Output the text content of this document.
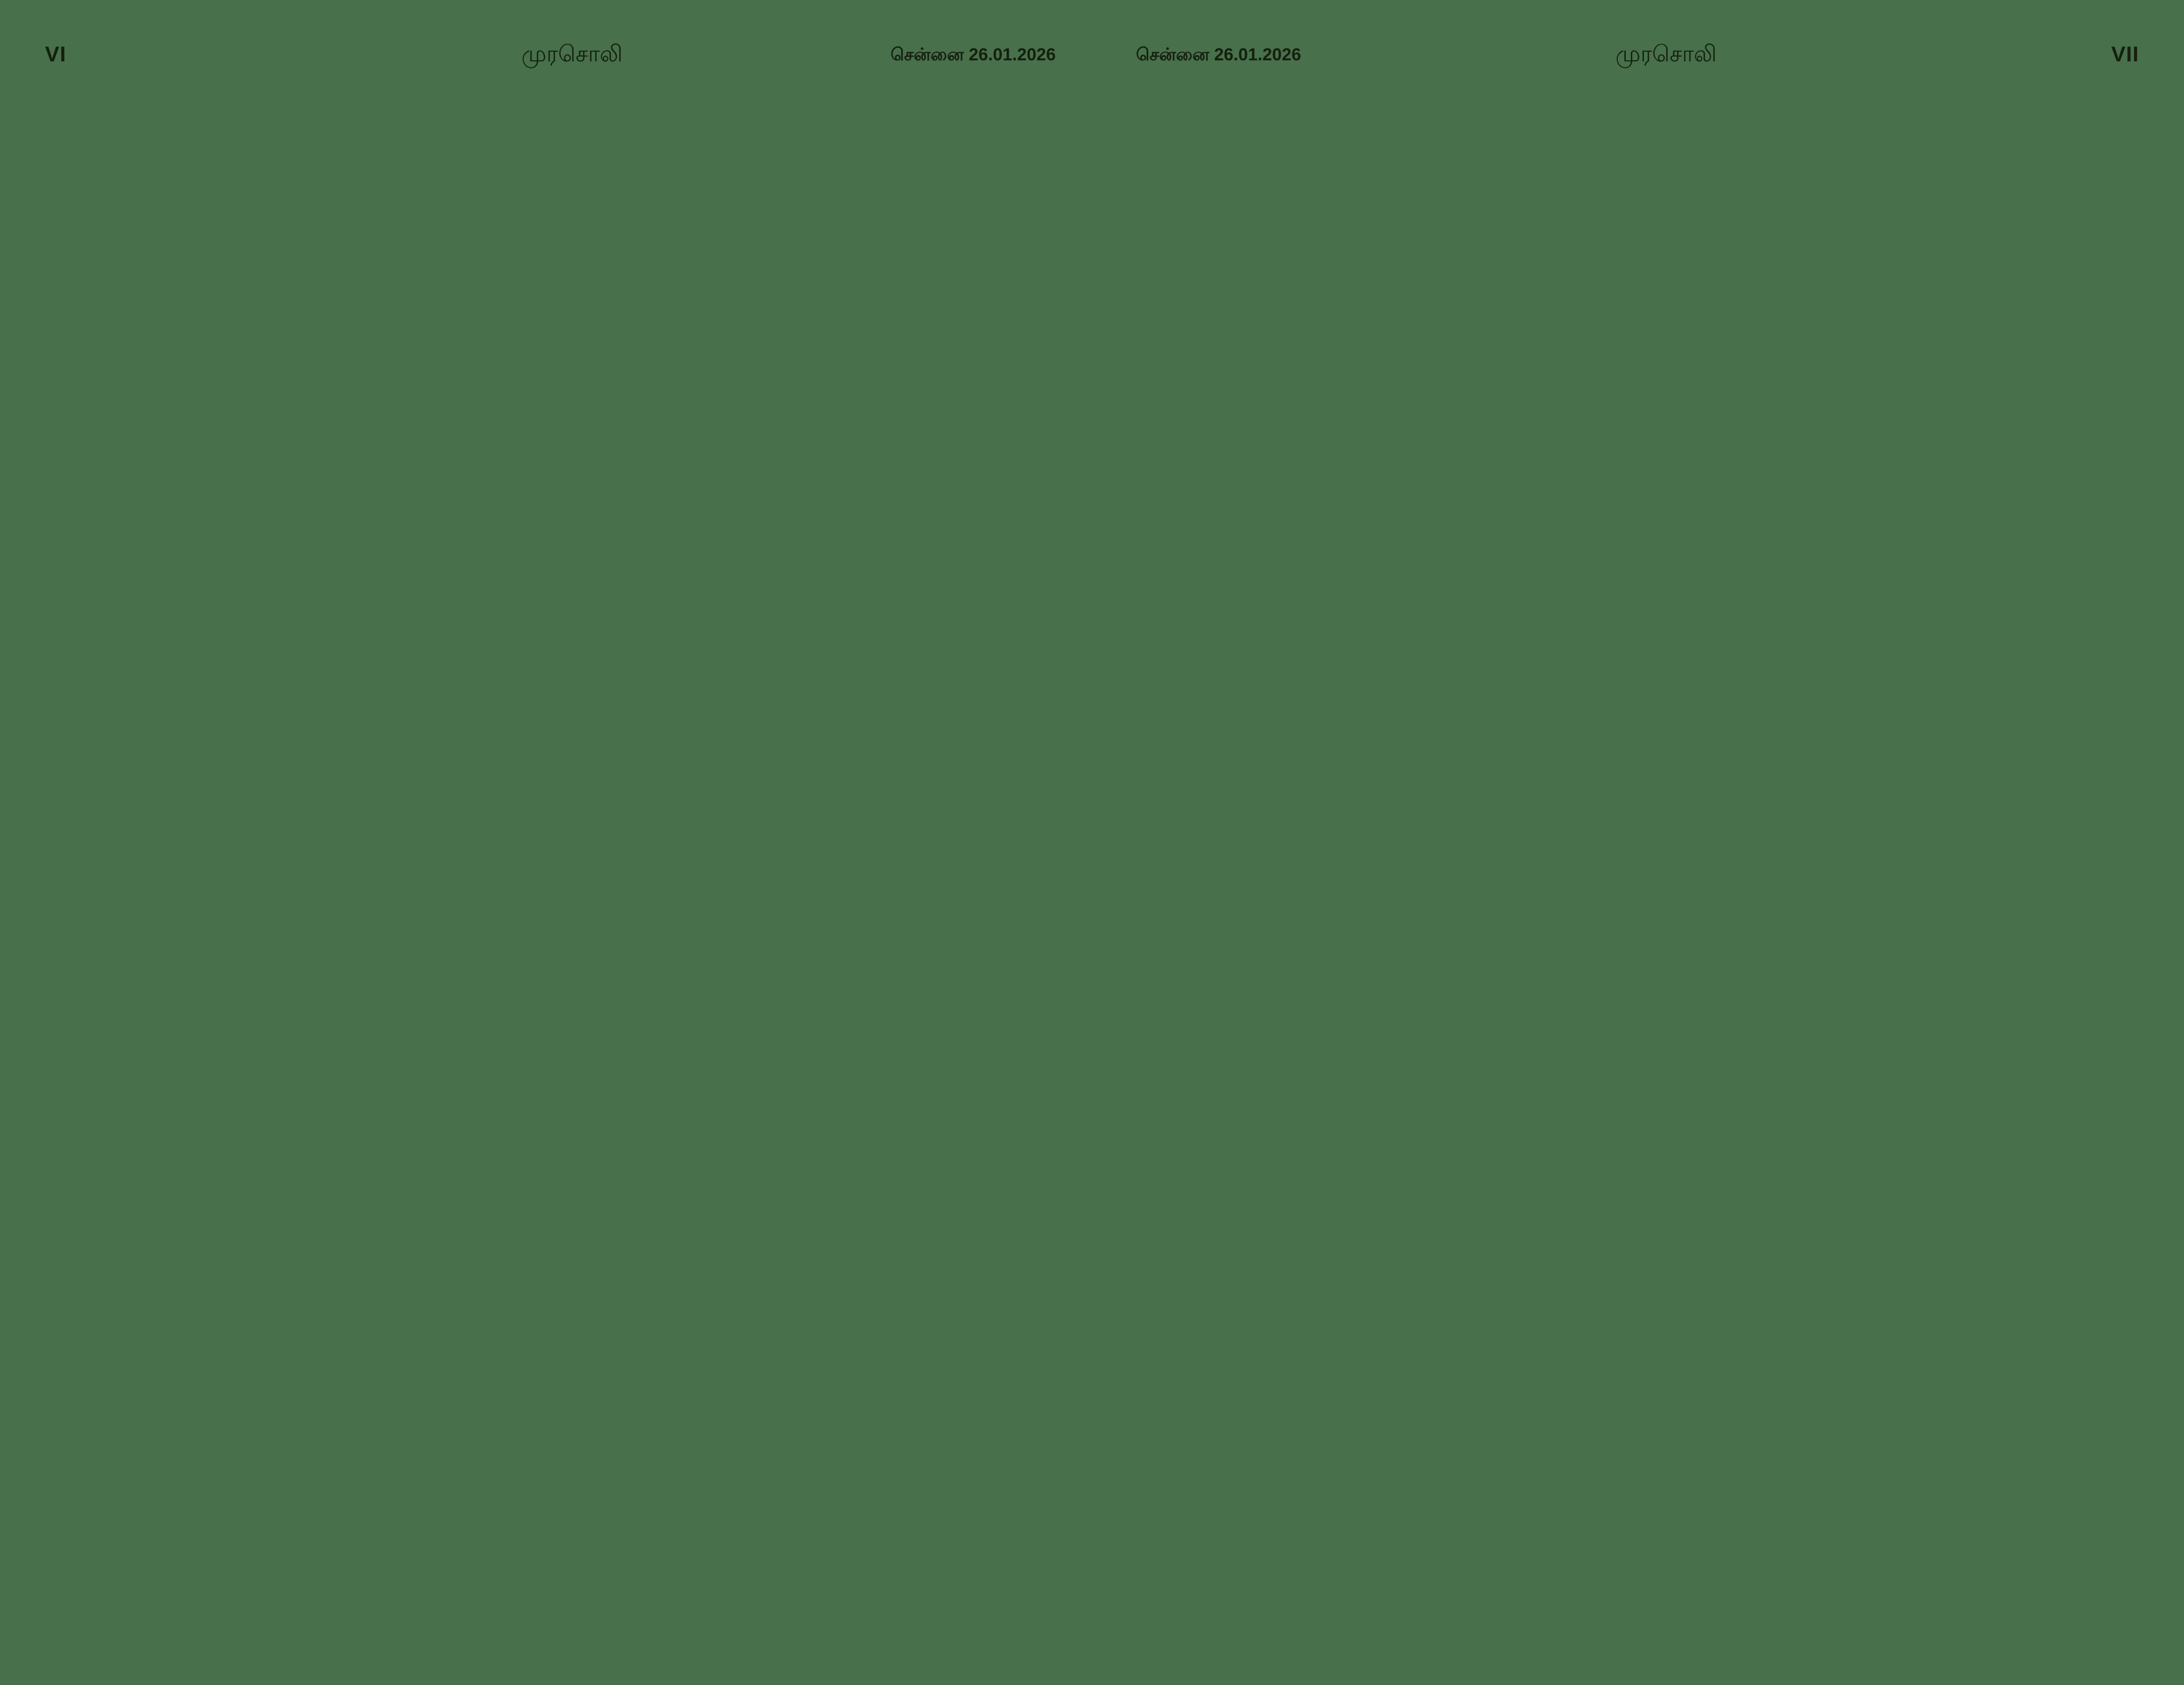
VI	முரசொலி	சென்னை 26.01.2026	சென்னை 26.01.2026	முரசொலி	VII
